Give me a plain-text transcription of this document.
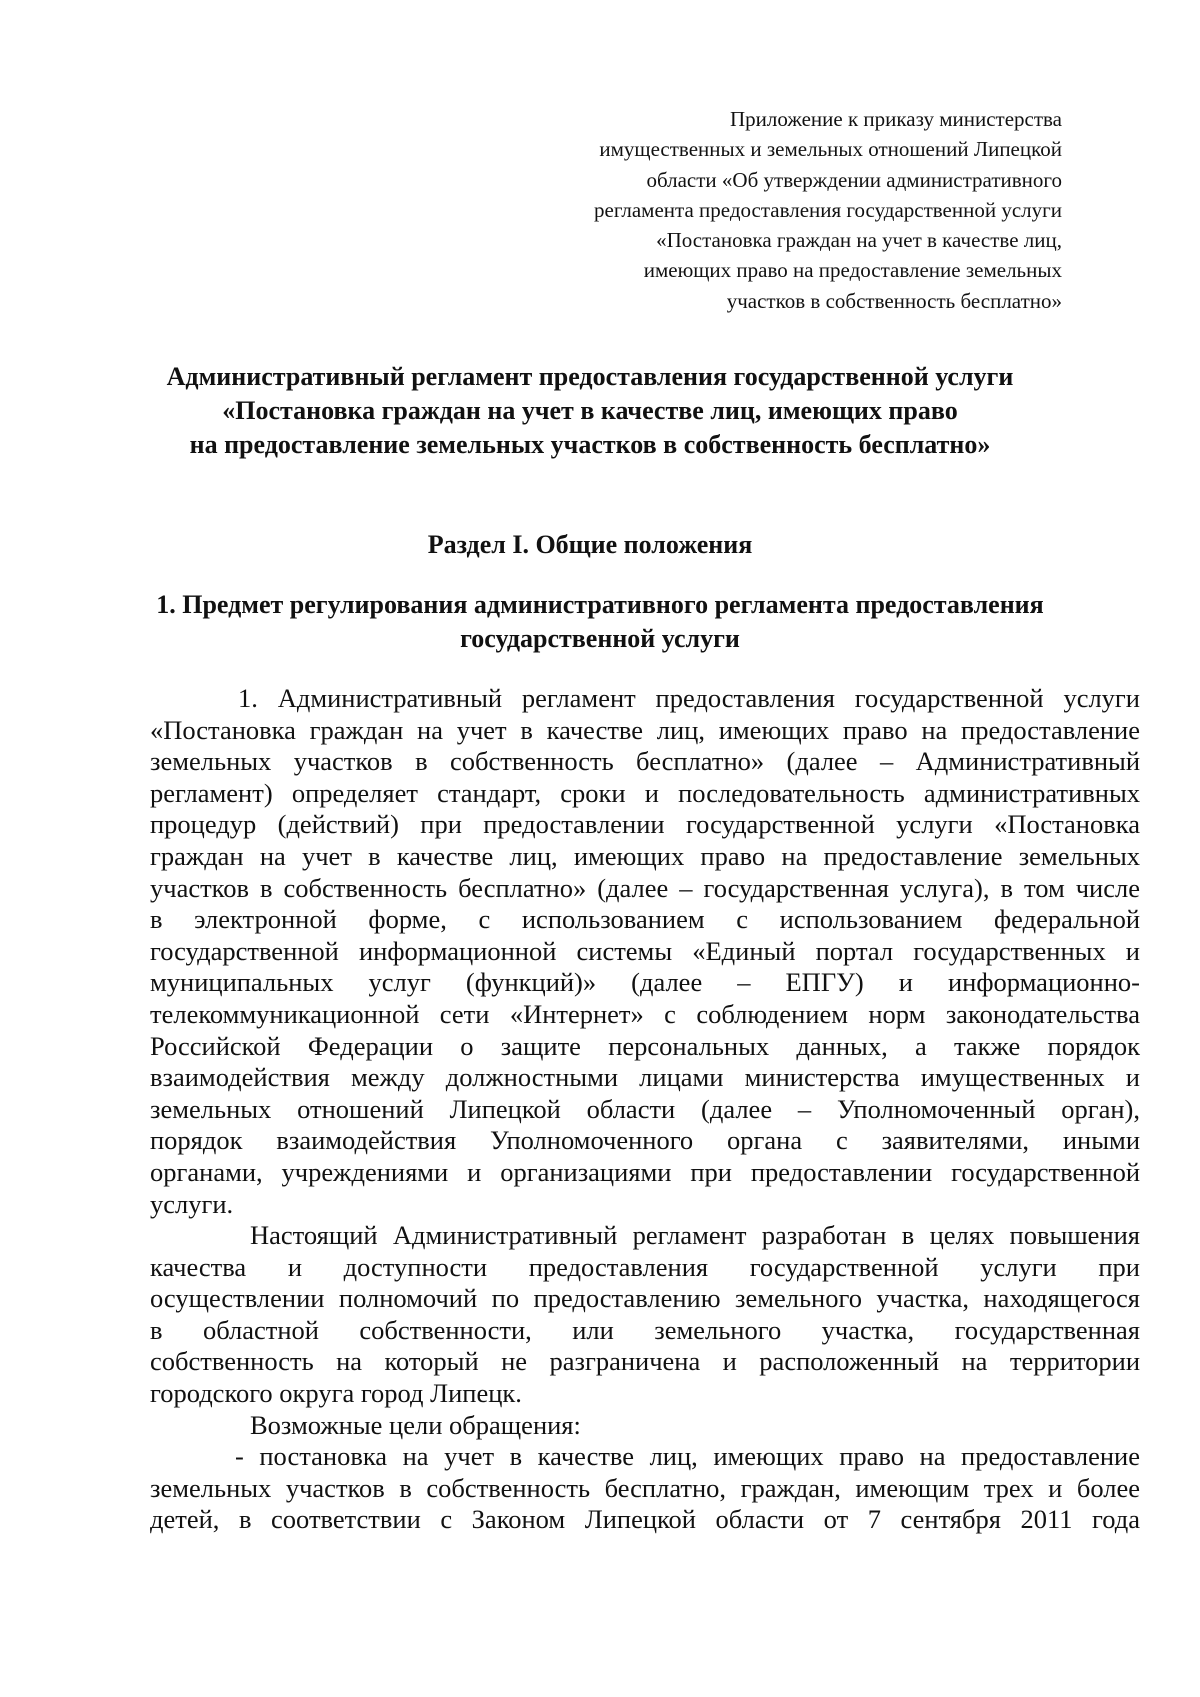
Приложение к приказу министерства
имущественных и земельных отношений Липецкой
области «Об утверждении административного
регламента предоставления государственной услуги
«Постановка граждан на учет в качестве лиц,
имеющих право на предоставление земельных
участков в собственность бесплатно»
Административный регламент предоставления государственной услуги
«Постановка граждан на учет в качестве лиц, имеющих право
на предоставление земельных участков в собственность бесплатно»
Раздел I. Общие положения
1. Предмет регулирования административного регламента предоставления
государственной услуги
1. Административный регламент предоставления государственной услуги
«Постановка граждан на учет в качестве лиц, имеющих право на предоставление
земельных участков в собственность бесплатно» (далее – Административный
регламент) определяет стандарт, сроки и последовательность административных
процедур (действий) при предоставлении государственной услуги «Постановка
граждан на учет в качестве лиц, имеющих право на предоставление земельных
участков в собственность бесплатно» (далее – государственная услуга), в том числе
в электронной форме, с использованием с использованием федеральной
государственной информационной системы «Единый портал государственных и
муниципальных услуг (функций)» (далее – ЕПГУ) и информационно-
телекоммуникационной сети «Интернет» с соблюдением норм законодательства
Российской Федерации о защите персональных данных, а также порядок
взаимодействия между должностными лицами министерства имущественных и
земельных отношений Липецкой области (далее – Уполномоченный орган),
порядок взаимодействия Уполномоченного органа с заявителями, иными
органами, учреждениями и организациями при предоставлении государственной
услуги.
Настоящий Административный регламент разработан в целях повышения
качества и доступности предоставления государственной услуги при
осуществлении полномочий по предоставлению земельного участка, находящегося
в областной собственности, или земельного участка, государственная
собственность на который не разграничена и расположенный на территории
городского округа город Липецк.
Возможные цели обращения:
- постановка на учет в качестве лиц, имеющих право на предоставление
земельных участков в собственность бесплатно, граждан, имеющим трех и более
детей, в соответствии с Законом Липецкой области от 7 сентября 2011 года
